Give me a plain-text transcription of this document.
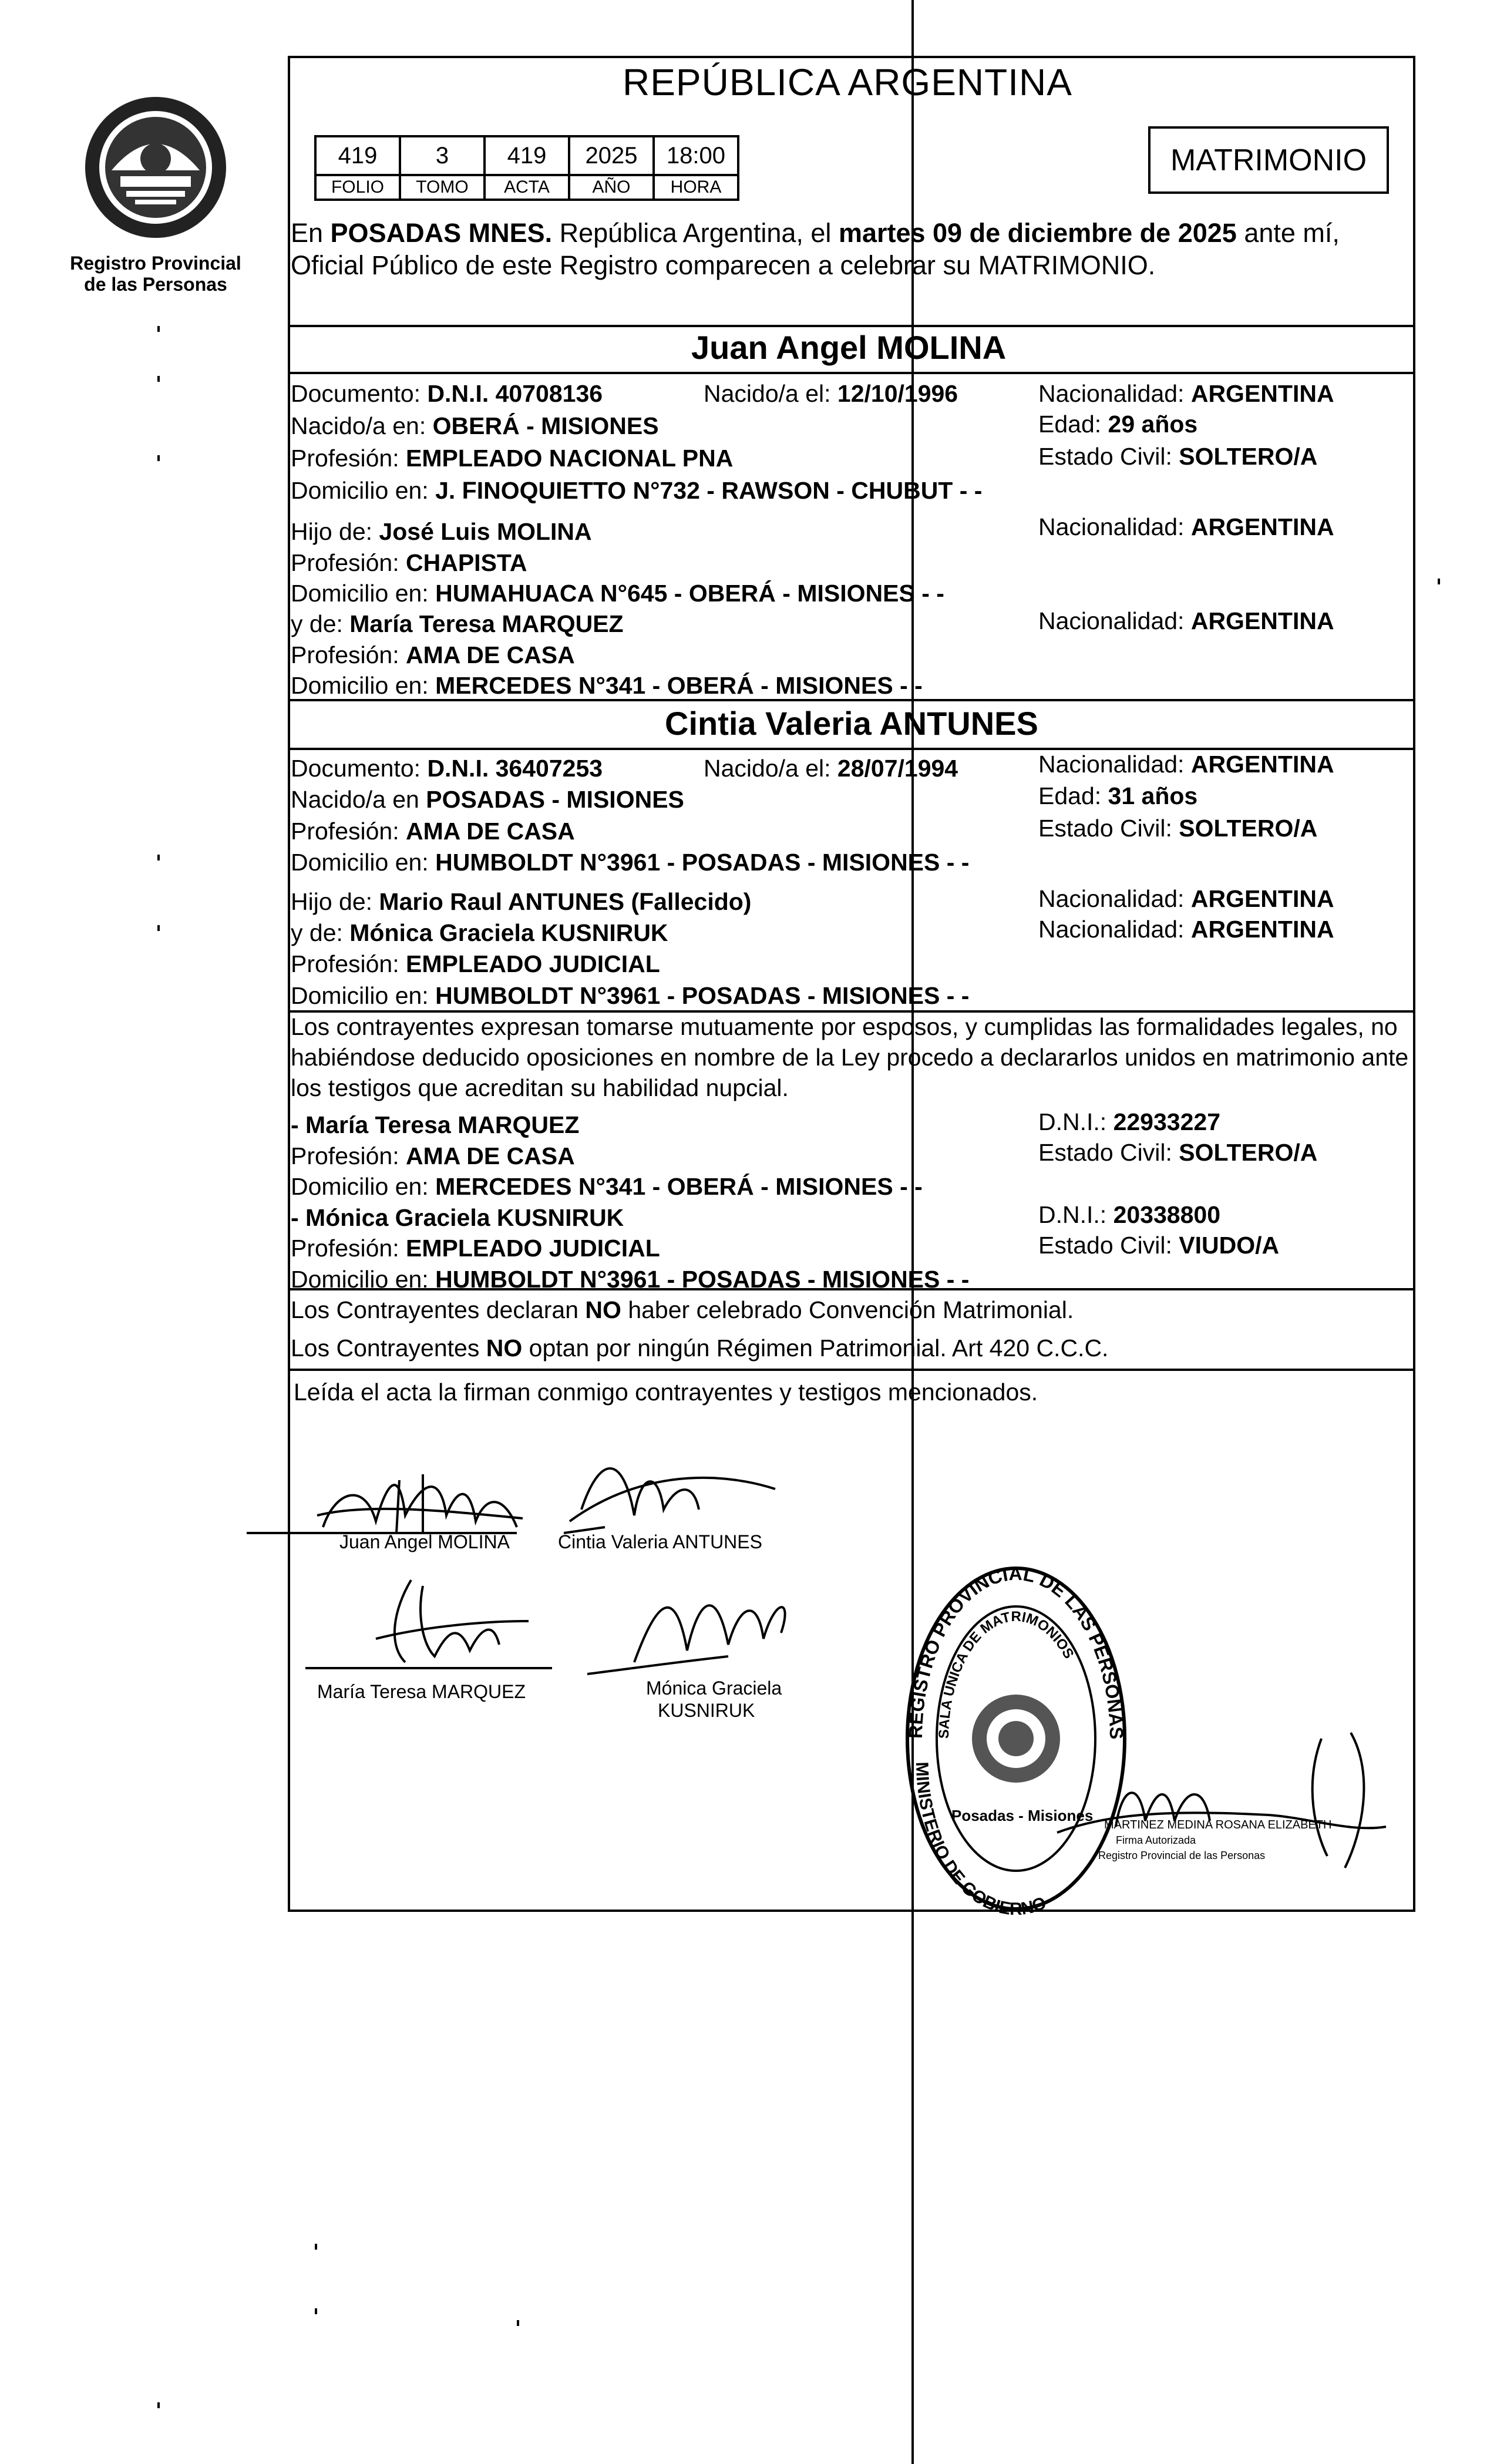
Registro Provincial
de las Personas
REPÚBLICA ARGENTINA
419	3	419	2025	18:00
FOLIO	TOMO	ACTA	AÑO	HORA
MATRIMONIO
En POSADAS MNES. República Argentina, el martes 09 de diciembre de 2025 ante mí,
Oficial Público de este Registro comparecen a celebrar su MATRIMONIO.
Juan Angel MOLINA
Documento: D.N.I. 40708136	Nacido/a el: 12/10/1996	Nacionalidad: ARGENTINA
Nacido/a en: OBERÁ - MISIONES	Edad: 29 años
Profesión: EMPLEADO NACIONAL PNA	Estado Civil: SOLTERO/A
Domicilio en: J. FINOQUIETTO N°732 - RAWSON - CHUBUT - -
Hijo de: José Luis MOLINA	Nacionalidad: ARGENTINA
Profesión: CHAPISTA
Domicilio en: HUMAHUACA N°645 - OBERÁ - MISIONES - -
y de: María Teresa MARQUEZ	Nacionalidad: ARGENTINA
Profesión: AMA DE CASA
Domicilio en: MERCEDES N°341 - OBERÁ - MISIONES - -
Cintia Valeria ANTUNES
Documento: D.N.I. 36407253	Nacido/a el: 28/07/1994	Nacionalidad: ARGENTINA
Nacido/a en POSADAS - MISIONES	Edad: 31 años
Profesión: AMA DE CASA	Estado Civil: SOLTERO/A
Domicilio en: HUMBOLDT N°3961 - POSADAS - MISIONES - -
Hijo de: Mario Raul ANTUNES (Fallecido)	Nacionalidad: ARGENTINA
y de: Mónica Graciela KUSNIRUK	Nacionalidad: ARGENTINA
Profesión: EMPLEADO JUDICIAL
Domicilio en: HUMBOLDT N°3961 - POSADAS - MISIONES - -
Los contrayentes expresan tomarse mutuamente por esposos, y cumplidas las formalidades legales, no
habiéndose deducido oposiciones en nombre de la Ley procedo a declararlos unidos en matrimonio ante
los testigos que acreditan su habilidad nupcial.
- María Teresa MARQUEZ	D.N.I.: 22933227
Profesión: AMA DE CASA	Estado Civil: SOLTERO/A
Domicilio en: MERCEDES N°341 - OBERÁ - MISIONES - -
- Mónica Graciela KUSNIRUK	D.N.I.: 20338800
Profesión: EMPLEADO JUDICIAL	Estado Civil: VIUDO/A
Domicilio en: HUMBOLDT N°3961 - POSADAS - MISIONES - -
Los Contrayentes declaran NO haber celebrado Convención Matrimonial.
Los Contrayentes NO optan por ningún Régimen Patrimonial. Art 420 C.C.C.
Leída el acta la firman conmigo contrayentes y testigos mencionados.
Juan Angel MOLINA	Cintia Valeria ANTUNES
María Teresa MARQUEZ	Mónica Graciela
KUSNIRUK
REGISTRO PROVINCIAL DE LAS PERSONAS
SALA ÚNICA DE MATRIMONIOS
MINISTERIO DE GOBIERNO
Posadas - Misiones
MARTINEZ MEDINA ROSANA ELIZABETH
Firma Autorizada
Registro Provincial de las Personas
